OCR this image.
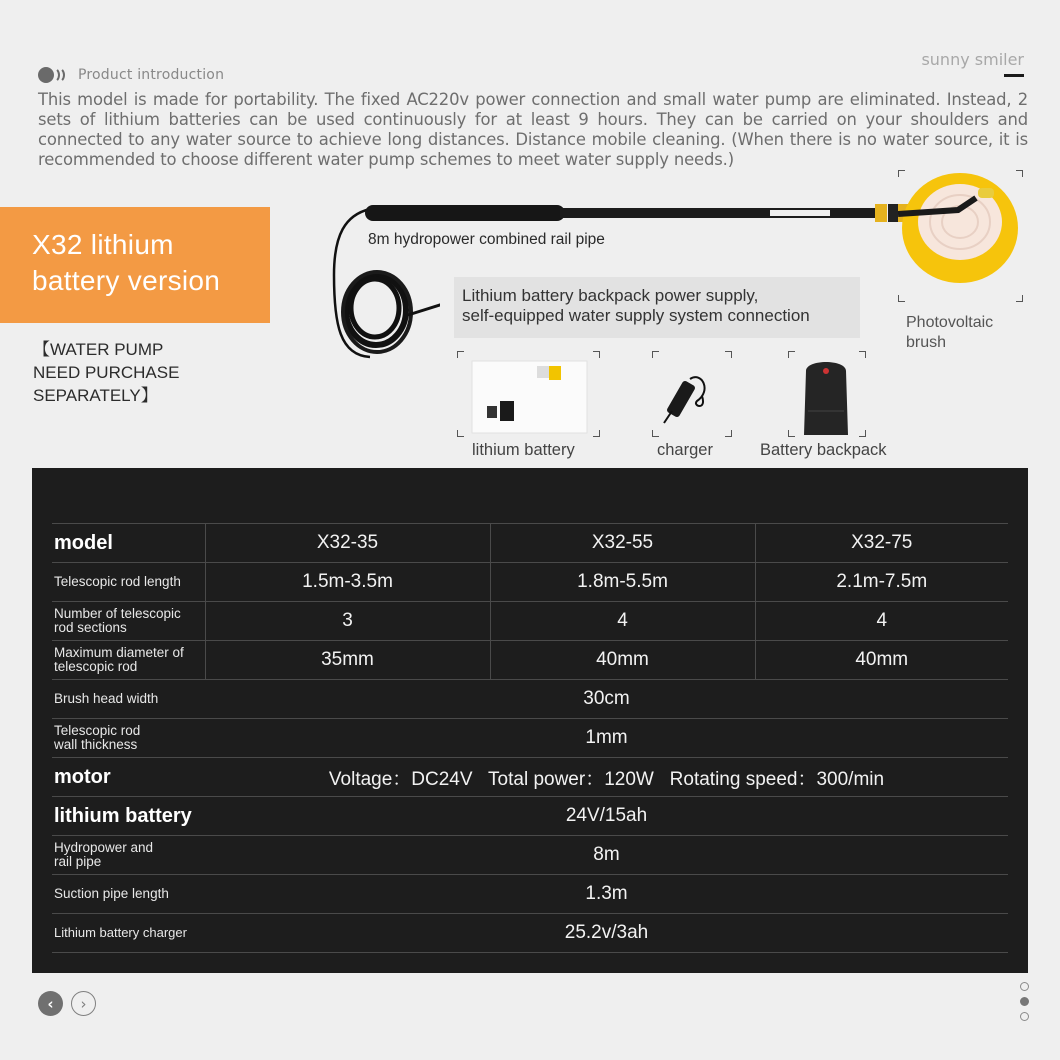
Product introduction
sunny smiler

This model is made for portability. The fixed AC220v power connection and small water pump are eliminated. Instead, 2 sets of lithium batteries can be used continuously for at least 9 hours. They can be carried on your shoulders and connected to any water source to achieve long distances. Distance mobile cleaning. (When there is no water source, it is recommended to choose different water pump schemes to meet water supply needs.)

X32 lithium
battery version
【WATER PUMP
NEED PURCHASE
SEPARATELY】
8m hydropower combined rail pipe
Lithium battery backpack power supply,
self-equipped water supply system connection	Photovoltaic
brush
lithium battery	charger	Battery backpack
model	X32-35	X32-55	X32-75
Telescopic rod length	1.5m-3.5m	1.8m-5.5m	2.1m-7.5m
Number of telescopic rod sections	3	4	4
Maximum diameter of telescopic rod	35mm	40mm	40mm
Brush head width	30cm		
Telescopic rod wall thickness	1mm		
motor	Voltage：DC24V   Total power：120W   Rotating speed：300/min		
lithium battery	24V/15ah		
Hydropower and rail pipe	8m		
Suction pipe length	1.3m		
Lithium battery charger	25.2v/3ah		
‹ ›
